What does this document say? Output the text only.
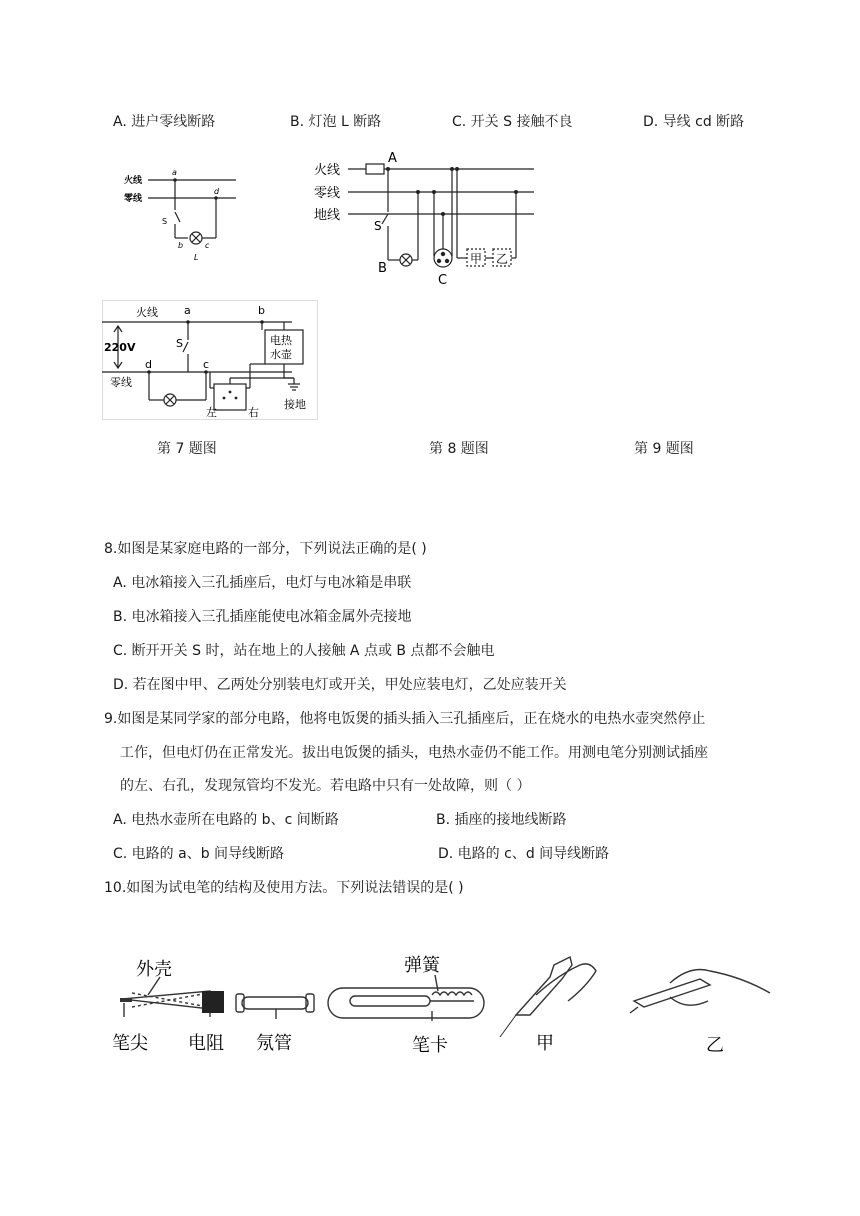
A. 进户零线断路	B. 灯泡 L 断路	C. 开关 S 接触不良	D. 导线 cd 断路
火线
零线
a
d
S
b	c
L
火线
零线
地线
A
S
B
C
甲 乙
火线 a	b
220V	S	电热
水壶
零线
d	c
左	右
接地
第 7 题图	第 8 题图	第 9 题图
8.如图是某家庭电路的一部分，下列说法正确的是( )
A. 电冰箱接入三孔插座后，电灯与电冰箱是串联
B. 电冰箱接入三孔插座能使电冰箱金属外壳接地
C. 断开开关 S 时，站在地上的人接触 A 点或 B 点都不会触电
D. 若在图中甲、乙两处分别装电灯或开关，甲处应装电灯，乙处应装开关
9.如图是某同学家的部分电路，他将电饭煲的插头插入三孔插座后，正在烧水的电热水壶突然停止
工作，但电灯仍在正常发光。拔出电饭煲的插头，电热水壶仍不能工作。用测电笔分别测试插座
的左、右孔，发现氖管均不发光。若电路中只有一处故障，则（ ）
A. 电热水壶所在电路的 b、c 间断路	B. 插座的接地线断路
C. 电路的 a、b 间导线断路	D. 电路的 c、d 间导线断路
10.如图为试电笔的结构及使用方法。下列说法错误的是( )
外壳
笔尖 电阻 氖管
弹簧
笔卡	甲	乙
